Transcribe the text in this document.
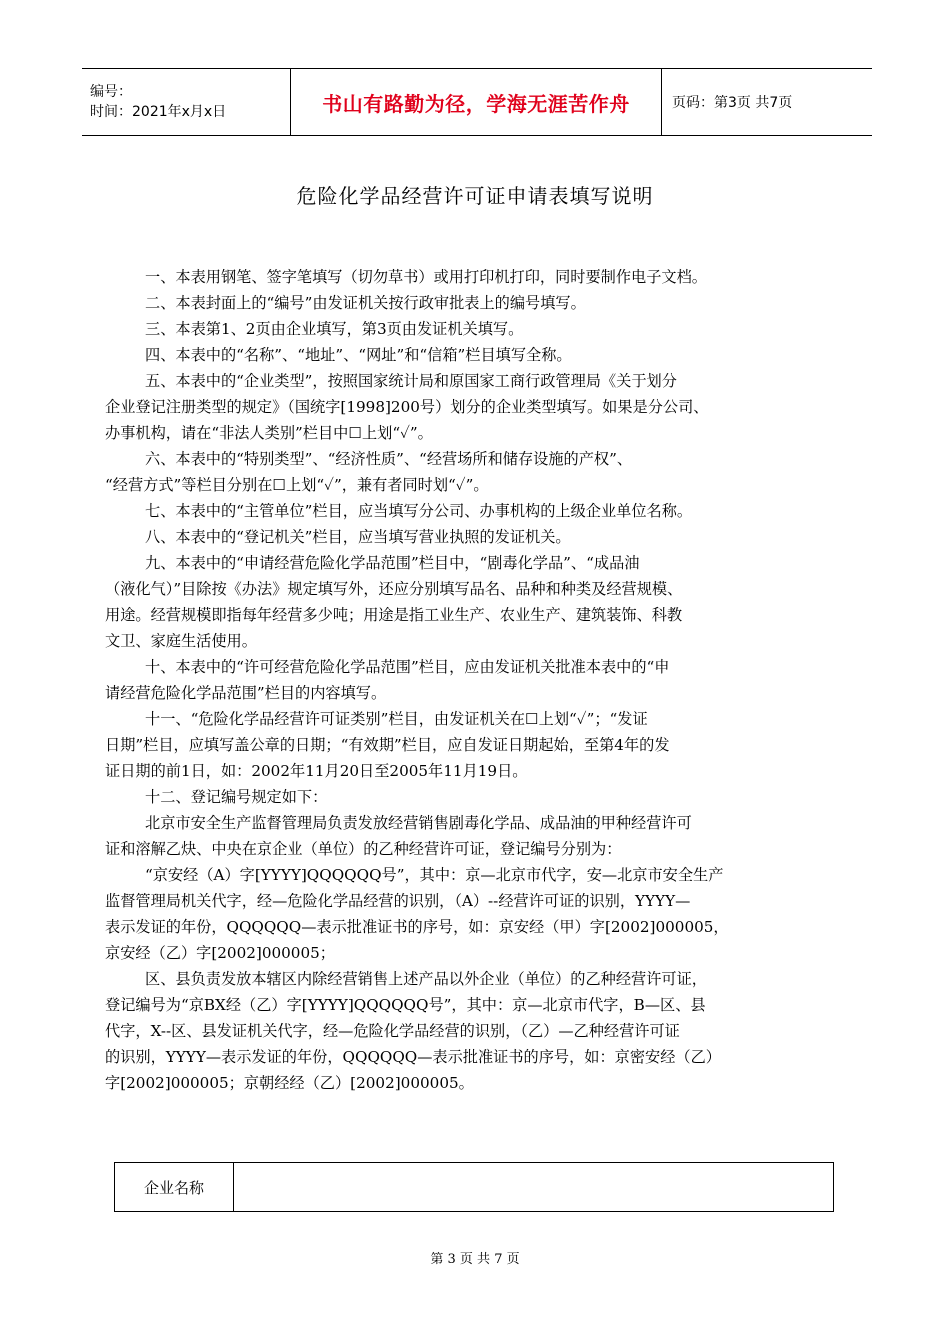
编号：
时间：2021年x月x日	书山有路勤为径，学海无涯苦作舟	页码：第3页 共7页
危险化学品经营许可证申请表填写说明

一、本表用钢笔、签字笔填写（切勿草书）或用打印机打印，同时要制作电子文档。

二、本表封面上的“编号”由发证机关按行政审批表上的编号填写。

三、本表第1、2页由企业填写，第3页由发证机关填写。

四、本表中的“名称”、“地址”、“网址”和“信箱”栏目填写全称。

五、本表中的“企业类型”，按照国家统计局和原国家工商行政管理局《关于划分

企业登记注册类型的规定》（国统字[1998]200号）划分的企业类型填写。如果是分公司、

办事机构，请在“非法人类别”栏目中☐上划“✓”。

六、本表中的“特别类型”、“经济性质”、“经营场所和储存设施的产权”、

“经营方式”等栏目分别在☐上划“✓”，兼有者同时划“✓”。

七、本表中的“主管单位”栏目，应当填写分公司、办事机构的上级企业单位名称。

八、本表中的“登记机关”栏目，应当填写营业执照的发证机关。

九、本表中的“申请经营危险化学品范围”栏目中，“剧毒化学品”、“成品油

（液化气）”目除按《办法》规定填写外，还应分别填写品名、品种和种类及经营规模、

用途。经营规模即指每年经营多少吨；用途是指工业生产、农业生产、建筑装饰、科教

文卫、家庭生活使用。

十、本表中的“许可经营危险化学品范围”栏目，应由发证机关批准本表中的“申

请经营危险化学品范围”栏目的内容填写。

十一、“危险化学品经营许可证类别”栏目，由发证机关在☐上划“✓”；“发证

日期”栏目，应填写盖公章的日期；“有效期”栏目，应自发证日期起始，至第4年的发

证日期的前1日，如：2002年11月20日至2005年11月19日。

十二、登记编号规定如下：

北京市安全生产监督管理局负责发放经营销售剧毒化学品、成品油的甲种经营许可

证和溶解乙炔、中央在京企业（单位）的乙种经营许可证，登记编号分别为：

“京安经（A）字[YYYY]QQQQQQ号”，其中：京—北京市代字，安—北京市安全生产

监督管理局机关代字，经—危险化学品经营的识别，（A）--经营许可证的识别，YYYY—

表示发证的年份，QQQQQQ—表示批准证书的序号，如：京安经（甲）字[2002]000005，

京安经（乙）字[2002]000005；

区、县负责发放本辖区内除经营销售上述产品以外企业（单位）的乙种经营许可证，

登记编号为“京BX经（乙）字[YYYY]QQQQQQ号”，其中：京—北京市代字，B—区、县

代字，X--区、县发证机关代字，经—危险化学品经营的识别，（乙）—乙种经营许可证

的识别，YYYY—表示发证的年份，QQQQQQ—表示批准证书的序号，如：京密安经（乙）

字[2002]000005；京朝经经（乙）[2002]000005。

企业名称	
第 3 页 共 7 页
